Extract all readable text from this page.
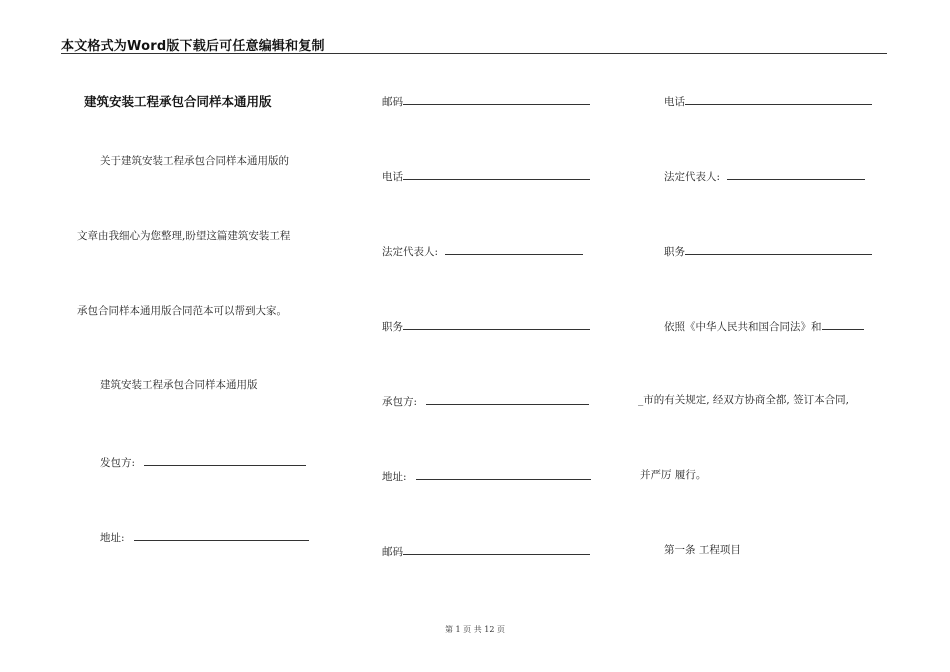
本文格式为Word版下载后可任意编辑和复制
建筑安装工程承包合同样本通用版
关于建筑安装工程承包合同样本通用版的
文章由我细心为您整理,盼望这篇建筑安装工程
承包合同样本通用版合同范本可以帮到大家。
建筑安装工程承包合同样本通用版
发包方:
地址:
邮码
电话
法定代表人:
职务
承包方:
地址:
邮码
电话
法定代表人:
职务
依照《中华人民共和国合同法》和
_市的有关规定, 经双方协商全都, 签订本合同,
并严厉 履行。
第一条 工程项目
第 1 页 共 12 页
